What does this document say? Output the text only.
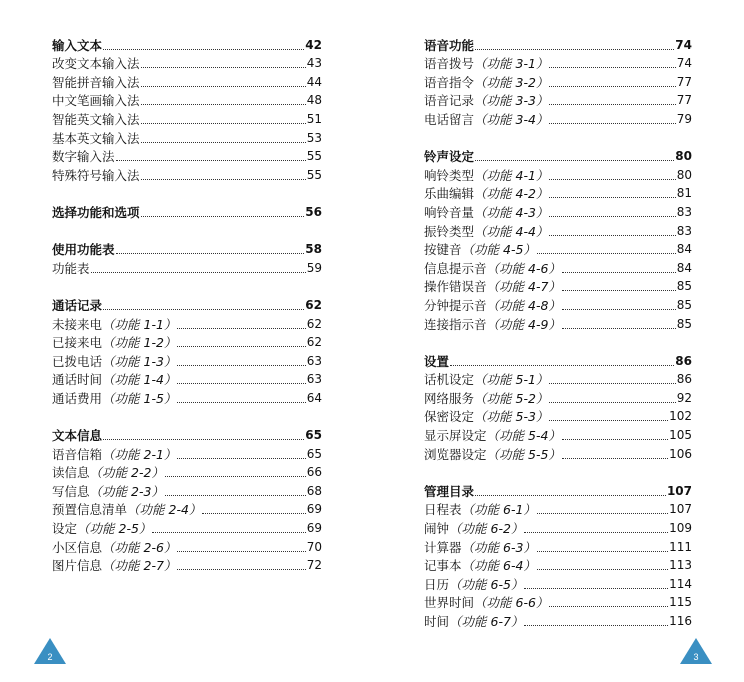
输入文本	42
改变文本输入法	43
智能拼音输入法	44
中文笔画输入法	48
智能英文输入法	51
基本英文输入法	53
数字输入法	55
特殊符号输入法	55
选择功能和选项	56
使用功能表	58
功能表	59
通话记录	62
未接来电 （功能 1-1）	62
已接来电 （功能 1-2）	62
已拨电话 （功能 1-3）	63
通话时间 （功能 1-4）	63
通话费用 （功能 1-5）	64
文本信息	65
语音信箱 （功能 2-1）	65
读信息 （功能 2-2）	66
写信息 （功能 2-3）	68
预置信息清单 （功能 2-4）	69
设定 （功能 2-5）	69
小区信息 （功能 2-6）	70
图片信息 （功能 2-7）	72
语音功能	74
语音拨号 （功能 3-1）	74
语音指令 （功能 3-2）	77
语音记录 （功能 3-3）	77
电话留言 （功能 3-4）	79
铃声设定	80
响铃类型 （功能 4-1）	80
乐曲编辑 （功能 4-2）	81
响铃音量 （功能 4-3）	83
振铃类型 （功能 4-4）	83
按键音 （功能 4-5）	84
信息提示音 （功能 4-6）	84
操作错误音 （功能 4-7）	85
分钟提示音 （功能 4-8）	85
连接指示音 （功能 4-9）	85
设置	86
话机设定 （功能 5-1）	86
网络服务 （功能 5-2）	92
保密设定 （功能 5-3）	102
显示屏设定 （功能 5-4）	105
浏览器设定 （功能 5-5）	106
管理目录	107
日程表 （功能 6-1）	107
闹钟 （功能 6-2）	109
计算器 （功能 6-3）	111
记事本 （功能 6-4）	113
日历 （功能 6-5）	114
世界时间 （功能 6-6）	115
时间 （功能 6-7）	116
2	3
